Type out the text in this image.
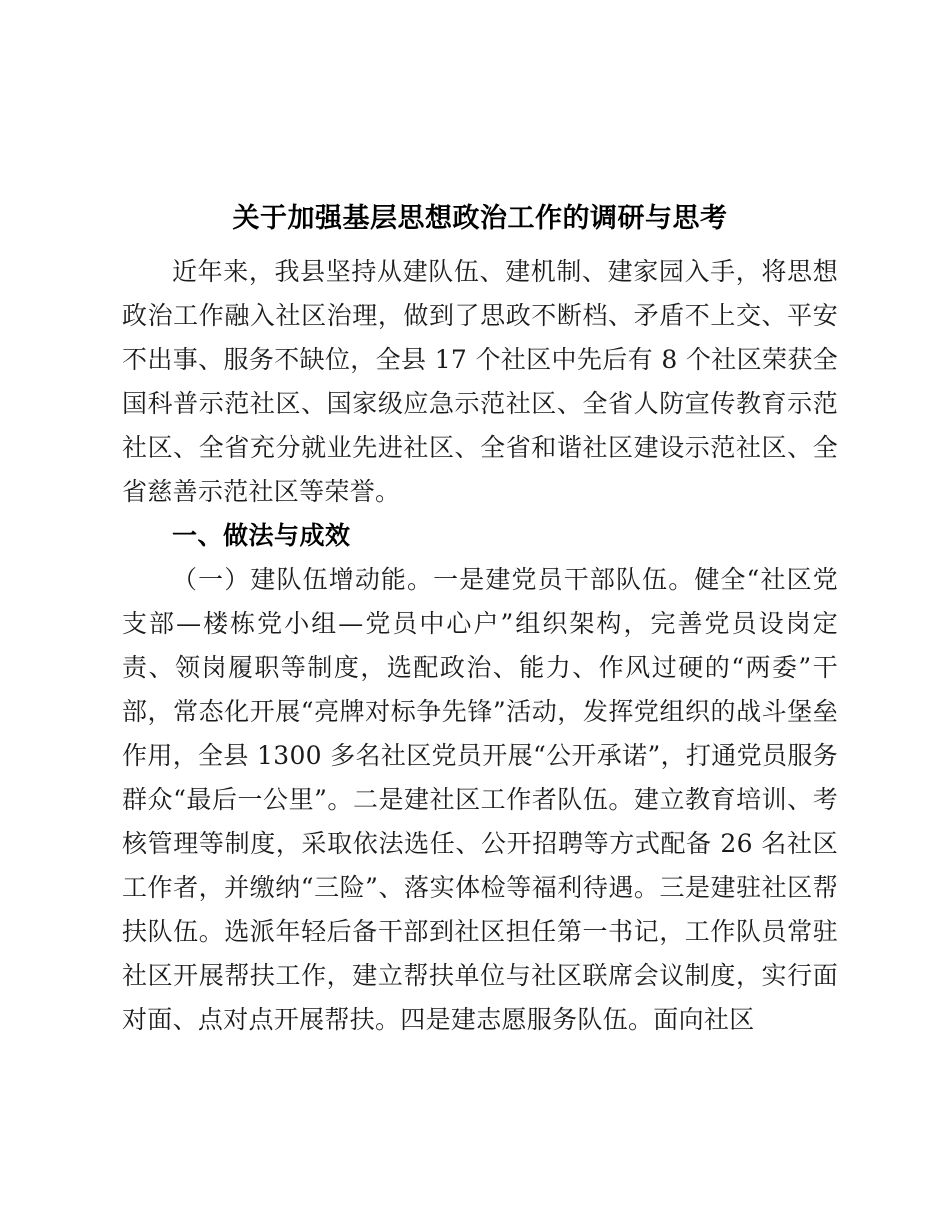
关于加强基层思想政治工作的调研与思考

近年来，我县坚持从建队伍、建机制、建家园入手，将思想政治工作融入社区治理，做到了思政不断档、矛盾不上交、平安不出事、服务不缺位，全县 17 个社区中先后有 8 个社区荣获全国科普示范社区、国家级应急示范社区、全省人防宣传教育示范社区、全省充分就业先进社区、全省和谐社区建设示范社区、全省慈善示范社区等荣誉。

一、做法与成效

（一）建队伍增动能。一是建党员干部队伍。健全“社区党支部—楼栋党小组—党员中心户”组织架构，完善党员设岗定责、领岗履职等制度，选配政治、能力、作风过硬的“两委”干部，常态化开展“亮牌对标争先锋”活动，发挥党组织的战斗堡垒作用，全县 1300 多名社区党员开展“公开承诺”，打通党员服务群众“最后一公里”。二是建社区工作者队伍。建立教育培训、考核管理等制度，采取依法选任、公开招聘等方式配备 26 名社区工作者，并缴纳“三险”、落实体检等福利待遇。三是建驻社区帮扶队伍。选派年轻后备干部到社区担任第一书记，工作队员常驻社区开展帮扶工作，建立帮扶单位与社区联席会议制度，实行面对面、点对点开展帮扶。四是建志愿服务队伍。面向社区
